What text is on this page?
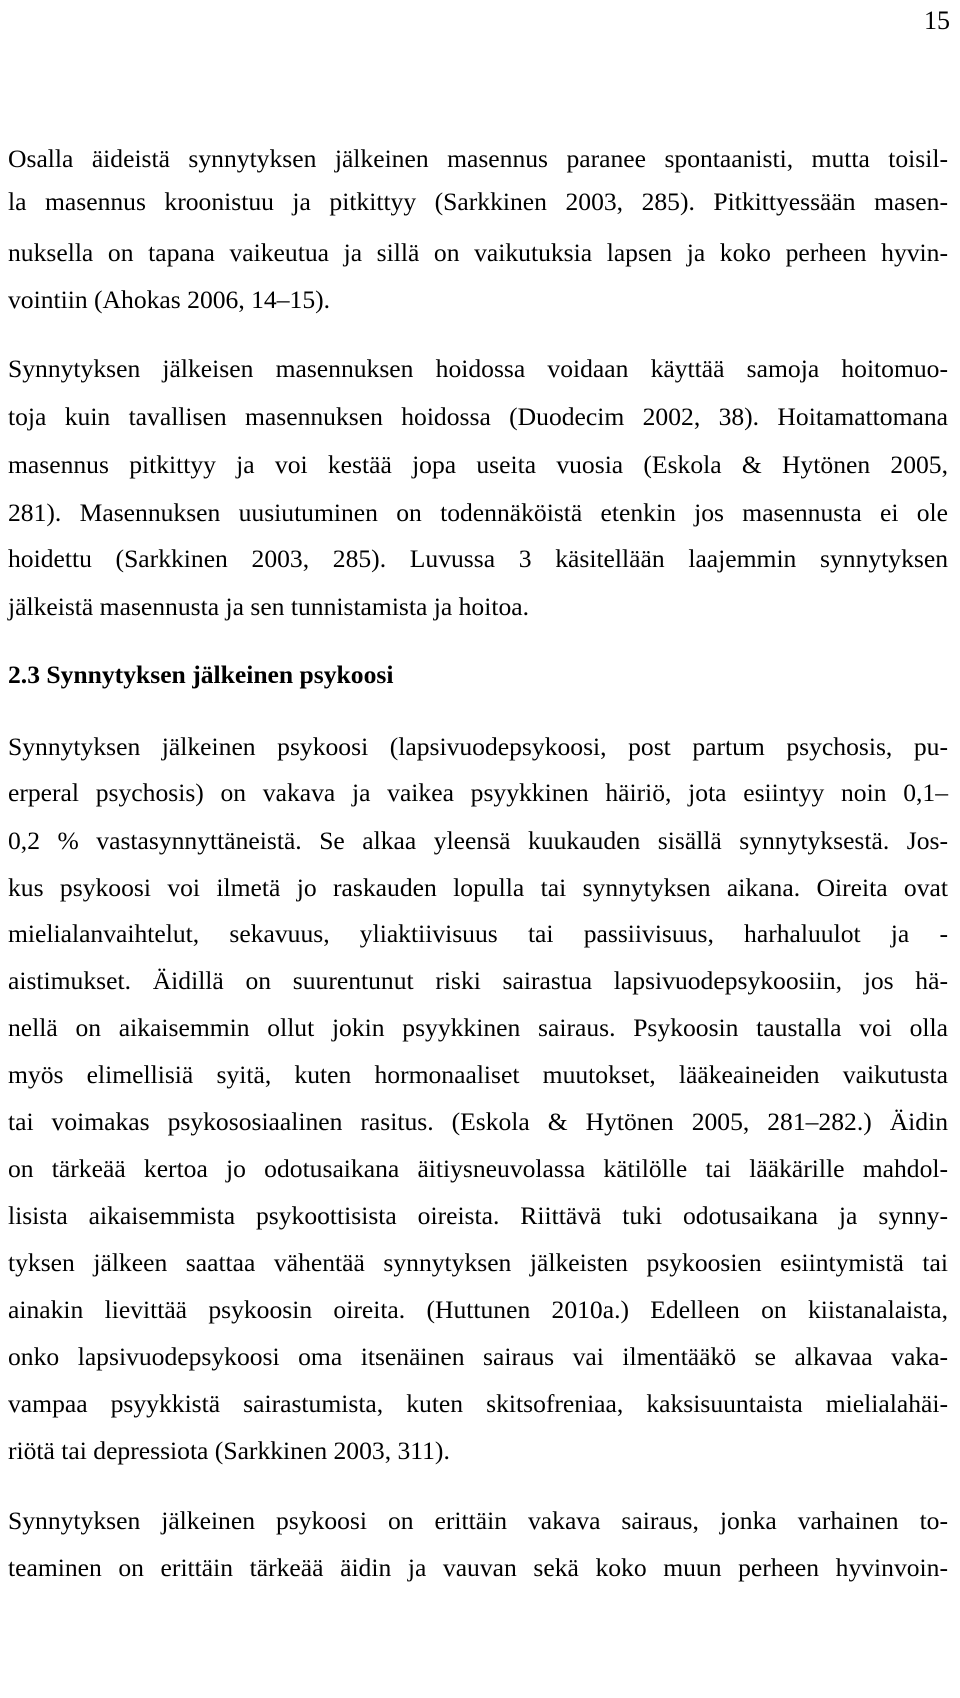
15
Osalla äideistä synnytyksen jälkeinen masennus paranee spontaanisti, mutta toisil-
la masennus kroonistuu ja pitkittyy (Sarkkinen 2003, 285). Pitkittyessään masen-
nuksella on tapana vaikeutua ja sillä on vaikutuksia lapsen ja koko perheen hyvin-
vointiin (Ahokas 2006, 14–15).
Synnytyksen jälkeisen masennuksen hoidossa voidaan käyttää samoja hoitomuo-
toja kuin tavallisen masennuksen hoidossa (Duodecim 2002, 38). Hoitamattomana
masennus pitkittyy ja voi kestää jopa useita vuosia (Eskola & Hytönen 2005,
281). Masennuksen uusiutuminen on todennäköistä etenkin jos masennusta ei ole
hoidettu (Sarkkinen 2003, 285). Luvussa 3 käsitellään laajemmin synnytyksen
jälkeistä masennusta ja sen tunnistamista ja hoitoa.
2.3 Synnytyksen jälkeinen psykoosi
Synnytyksen jälkeinen psykoosi (lapsivuodepsykoosi, post partum psychosis, pu-
erperal psychosis) on vakava ja vaikea psyykkinen häiriö, jota esiintyy noin 0,1–
0,2 % vastasynnyttäneistä. Se alkaa yleensä kuukauden sisällä synnytyksestä. Jos-
kus psykoosi voi ilmetä jo raskauden lopulla tai synnytyksen aikana. Oireita ovat
mielialanvaihtelut, sekavuus, yliaktiivisuus tai passiivisuus, harhaluulot ja -
aistimukset. Äidillä on suurentunut riski sairastua lapsivuodepsykoosiin, jos hä-
nellä on aikaisemmin ollut jokin psyykkinen sairaus. Psykoosin taustalla voi olla
myös elimellisiä syitä, kuten hormonaaliset muutokset, lääkeaineiden vaikutusta
tai voimakas psykososiaalinen rasitus. (Eskola & Hytönen 2005, 281–282.) Äidin
on tärkeää kertoa jo odotusaikana äitiysneuvolassa kätilölle tai lääkärille mahdol-
lisista aikaisemmista psykoottisista oireista. Riittävä tuki odotusaikana ja synny-
tyksen jälkeen saattaa vähentää synnytyksen jälkeisten psykoosien esiintymistä tai
ainakin lievittää psykoosin oireita. (Huttunen 2010a.) Edelleen on kiistanalaista,
onko lapsivuodepsykoosi oma itsenäinen sairaus vai ilmentääkö se alkavaa vaka-
vampaa psyykkistä sairastumista, kuten skitsofreniaa, kaksisuuntaista mielialahäi-
riötä tai depressiota (Sarkkinen 2003, 311).
Synnytyksen jälkeinen psykoosi on erittäin vakava sairaus, jonka varhainen to-
teaminen on erittäin tärkeää äidin ja vauvan sekä koko muun perheen hyvinvoin-
